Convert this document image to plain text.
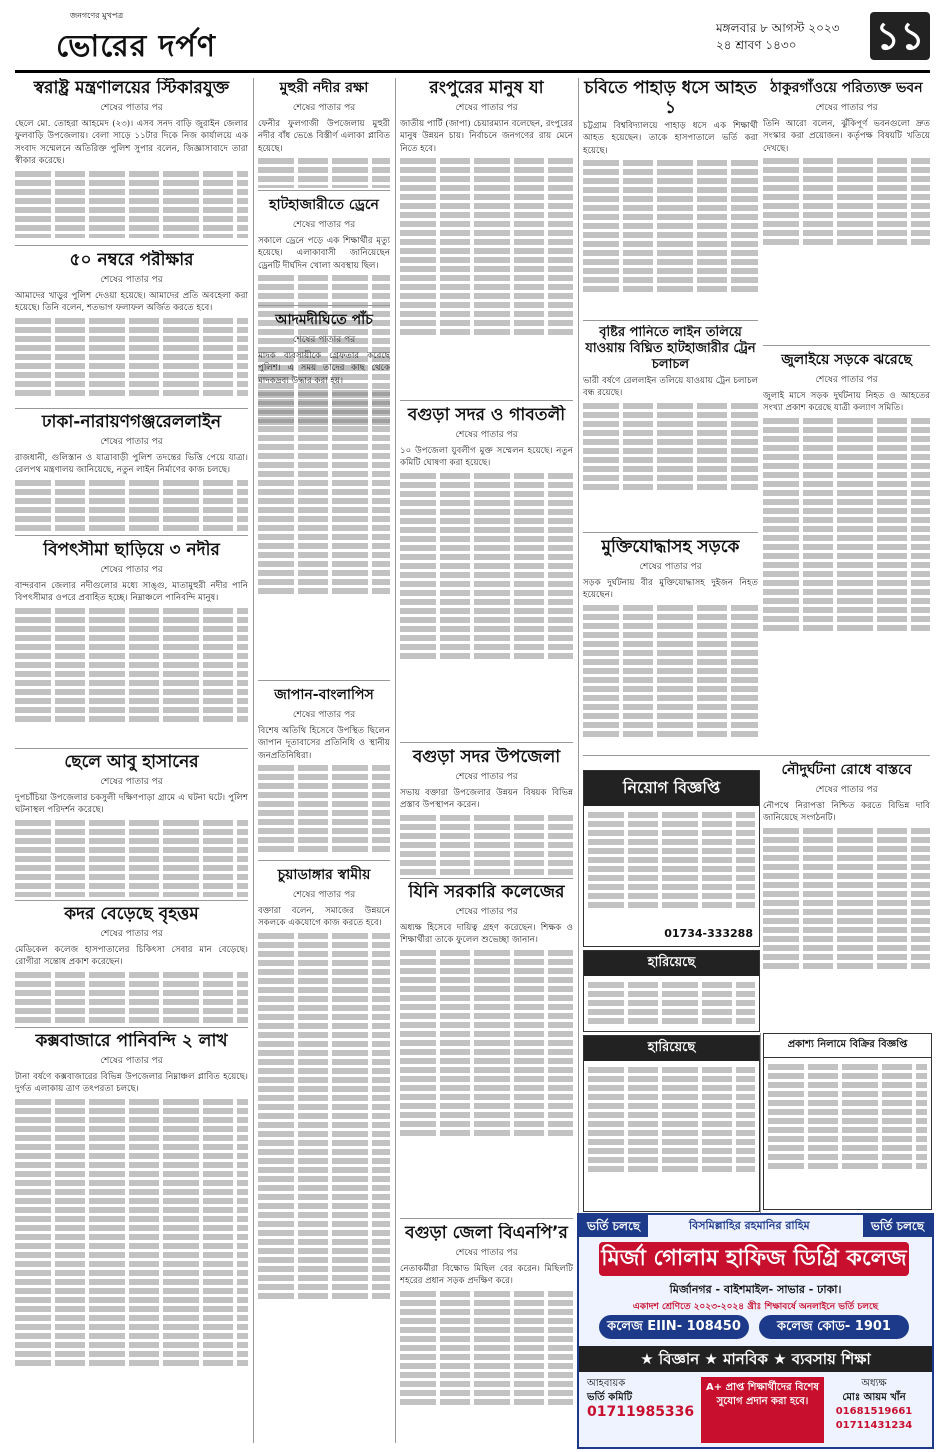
জনগণের মুখপত্র
ভোরের দর্পণ
মঙ্গলবার ৮ আগস্ট ২০২৩
২৪ শ্রাবণ ১৪৩০ ১১
স্বরাষ্ট্র মন্ত্রণালয়ের স্টিকারযুক্ত
শেষের পাতার পর
ছেলে মো. তোহরা আহমেদ (২৩)। এসব সনদ বাড়ি জুরাইন জেলার ফুলবাড়ি উপজেলায়। বেলা সাড়ে ১১টার দিকে নিজ কার্যালয়ে এক সংবাদ সম্মেলনে অতিরিক্ত পুলিশ সুপার বলেন, জিজ্ঞাসাবাদে তারা স্বীকার করেছে।
৫০ নম্বরে পরীক্ষার
শেষের পাতার পর
আমাদের খাড়ুর পুলিশ দেওয়া হয়েছে। আমাদের প্রতি অবহেলা করা হয়েছে। তিনি বলেন, শতভাগ ফলাফল অর্জিত করতে হবে।
ঢাকা-নারায়ণগঞ্জরেললাইন
শেষের পাতার পর
রাজধানী, গুলিস্তান ও যাত্রাবাড়ী পুলিশ তদন্তের ভিত্তি পেয়ে যাত্রা। রেলপথ মন্ত্রণালয় জানিয়েছে, নতুন লাইন নির্মাণের কাজ চলছে।
বিপৎসীমা ছাড়িয়ে ৩ নদীর
শেষের পাতার পর
বান্দরবান জেলার নদীগুলোর মধ্যে সাঙ্গু, মাতামুহুরী নদীর পানি বিপৎসীমার ওপরে প্রবাহিত হচ্ছে। নিম্নাঞ্চলে পানিবন্দি মানুষ।
ছেলে আবু হাসানের
শেষের পাতার পর
দুপচাঁচিয়া উপজেলার চকসুলী দক্ষিণপাড়া গ্রামে এ ঘটনা ঘটে। পুলিশ ঘটনাস্থল পরিদর্শন করেছে।
কদর বেড়েছে বৃহত্তম
শেষের পাতার পর
মেডিকেল কলেজ হাসপাতালের চিকিৎসা সেবার মান বেড়েছে। রোগীরা সন্তোষ প্রকাশ করেছেন।
কক্সবাজারে পানিবন্দি ২ লাখ
শেষের পাতার পর
টানা বর্ষণে কক্সবাজারের বিভিন্ন উপজেলার নিম্নাঞ্চল প্লাবিত হয়েছে। দুর্গত এলাকায় ত্রাণ তৎপরতা চলছে।
মুহুরী নদীর রক্ষা
শেষের পাতার পর
ফেনীর ফুলগাজী উপজেলায় মুহুরী নদীর বাঁধ ভেঙে বিস্তীর্ণ এলাকা প্লাবিত হয়েছে।
হাটহাজারীতে ড্রেনে
শেষের পাতার পর
সকালে ড্রেনে পড়ে এক শিক্ষার্থীর মৃত্যু হয়েছে। এলাকাবাসী জানিয়েছেন ড্রেনটি দীর্ঘদিন খোলা অবস্থায় ছিল।
আদমদীঘিতে পাঁচ
শেষের পাতার পর
মাদক ব্যবসায়ীকে গ্রেফতার করেছে পুলিশ। এ সময় তাদের কাছ থেকে মাদকদ্রব্য উদ্ধার করা হয়।
জাপান-বাংলাপিস
শেষের পাতার পর
বিশেষ অতিথি হিসেবে উপস্থিত ছিলেন জাপান দূতাবাসের প্রতিনিধি ও স্থানীয় জনপ্রতিনিধিরা।
চুয়াডাঙ্গার স্বামীয়
শেষের পাতার পর
বক্তারা বলেন, সমাজের উন্নয়নে সকলকে একযোগে কাজ করতে হবে।
রংপুরের মানুষ যা
শেষের পাতার পর
জাতীয় পার্টি (জাপা) চেয়ারম্যান বলেছেন, রংপুরের মানুষ উন্নয়ন চায়। নির্বাচনে জনগণের রায় মেনে নিতে হবে।
বগুড়া সদর ও গাবতলী
শেষের পাতার পর
১০ উপজেলা যুবলীগ মুক্ত সম্মেলন হয়েছে। নতুন কমিটি ঘোষণা করা হয়েছে।
বগুড়া সদর উপজেলা
শেষের পাতার পর
সভায় বক্তারা উপজেলার উন্নয়ন বিষয়ক বিভিন্ন প্রস্তাব উপস্থাপন করেন।
যিনি সরকারি কলেজের
শেষের পাতার পর
অধ্যক্ষ হিসেবে দায়িত্ব গ্রহণ করেছেন। শিক্ষক ও শিক্ষার্থীরা তাকে ফুলেল শুভেচ্ছা জানান।
বগুড়া জেলা বিএনপি’র
শেষের পাতার পর
নেতাকর্মীরা বিক্ষোভ মিছিল বের করেন। মিছিলটি শহরের প্রধান সড়ক প্রদক্ষিণ করে।
চবিতে পাহাড় ধসে আহত ১
চট্টগ্রাম বিশ্ববিদ্যালয়ে পাহাড় ধসে এক শিক্ষার্থী আহত হয়েছেন। তাকে হাসপাতালে ভর্তি করা হয়েছে।
বৃষ্টির পানিতে লাইন তলিয়ে যাওয়ায় বিঘ্নিত হাটহাজারীর ট্রেন চলাচল
ভারী বর্ষণে রেললাইন তলিয়ে যাওয়ায় ট্রেন চলাচল বন্ধ রয়েছে।
মুক্তিযোদ্ধাসহ সড়কে
শেষের পাতার পর
সড়ক দুর্ঘটনায় বীর মুক্তিযোদ্ধাসহ দুইজন নিহত হয়েছেন।
নিয়োগ বিজ্ঞপ্তি
01734-333288
হারিয়েছে
হারিয়েছে
ঠাকুরগাঁওয়ে পরিত্যক্ত ভবন
শেষের পাতার পর
তিনি আরো বলেন, ঝুঁকিপূর্ণ ভবনগুলো দ্রুত সংস্কার করা প্রয়োজন। কর্তৃপক্ষ বিষয়টি খতিয়ে দেখছে।
জুলাইয়ে সড়কে ঝরেছে
শেষের পাতার পর
জুলাই মাসে সড়ক দুর্ঘটনায় নিহত ও আহতের সংখ্যা প্রকাশ করেছে যাত্রী কল্যাণ সমিতি।
নৌদুর্ঘটনা রোধে বাস্তবে
শেষের পাতার পর
নৌপথে নিরাপত্তা নিশ্চিত করতে বিভিন্ন দাবি জানিয়েছে সংগঠনটি।
প্রকাশ্য নিলামে বিক্রির বিজ্ঞপ্তি
ভর্তি চলছে	বিসমিল্লাহির রহমানির রাহিম	ভর্তি চলছে
মির্জা গোলাম হাফিজ ডিগ্রি কলেজ
মির্জানগর - বাইশমাইল- সাভার - ঢাকা।
একাদশ শ্রেণিতে ২০২৩-২০২৪ খ্রীঃ শিক্ষাবর্ষে অনলাইনে ভর্তি চলছে
কলেজ EIIN- 108450	কলেজ কোড- 1901
★ বিজ্ঞান ★ মানবিক ★ ব্যবসায় শিক্ষা
আহবায়ক
ভর্তি কমিটি
01711985336
A+ প্রাপ্ত শিক্ষার্থীদের বিশেষ সুযোগ প্রদান করা হবে।
অধ্যক্ষ
মোঃ আয়ম খাঁন
01681519661
01711431234
